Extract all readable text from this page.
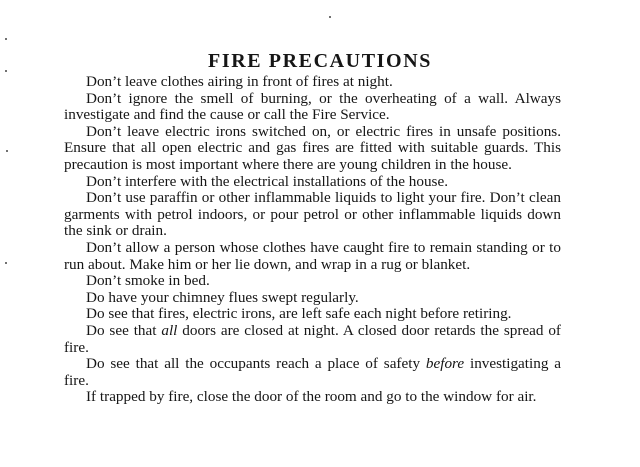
FIRE PRECAUTIONS

Don’t leave clothes airing in front of fires at night.

Don’t ignore the smell of burning, or the overheating of a wall. Always investigate and find the cause or call the Fire Service.

Don’t leave electric irons switched on, or electric fires in unsafe positions. Ensure that all open electric and gas fires are fitted with suitable guards. This precaution is most important where there are young children in the house.

Don’t interfere with the electrical installations of the house.

Don’t use paraffin or other inflammable liquids to light your fire. Don’t clean garments with petrol indoors, or pour petrol or other inflammable liquids down the sink or drain.

Don’t allow a person whose clothes have caught fire to remain standing or to run about. Make him or her lie down, and wrap in a rug or blanket.

Don’t smoke in bed.

Do have your chimney flues swept regularly.

Do see that fires, electric irons, are left safe each night before retiring.

Do see that all doors are closed at night. A closed door retards the spread of fire.

Do see that all the occupants reach a place of safety before investigating a fire.

If trapped by fire, close the door of the room and go to the window for air.
